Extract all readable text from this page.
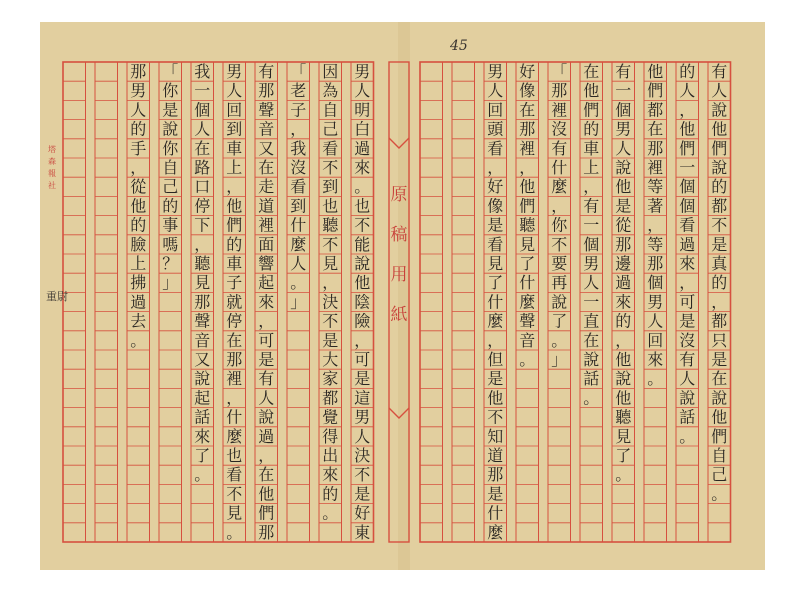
原
稿
用
紙
男人明白過來。也不能說他陰險，可是這男人決不是好東
因為自己看不到也聽不見，決不是大家都覺得出來的。
「老子，我沒看到什麼人。」
有那聲音又在走道裡面響起來，可是有人說過，在他們那
男人回到車上，他們的車子就停在那裡，什麼也看不見。
我一個人在路口停下，聽見那聲音又說起話來了。
「你是說你自己的事嗎？」
那男人的手，從他的臉上拂過去。
有人說他們說的都不是真的，都只是在說他們自己。
的人，他們一個個看過來，可是沒有人說話。
他們都在那裡等著，等那個男人回來。
有一個男人說他是從那邊過來的，他說他聽見了。
在他們的車上，有一個男人一直在說話。
「那裡沒有什麼，你不要再說了。」
好像在那裡，他們聽見了什麼聲音。
男人回頭看，好像是看見了什麼，但是他不知道那是什麼
塔
森
報
社
45
重尉
